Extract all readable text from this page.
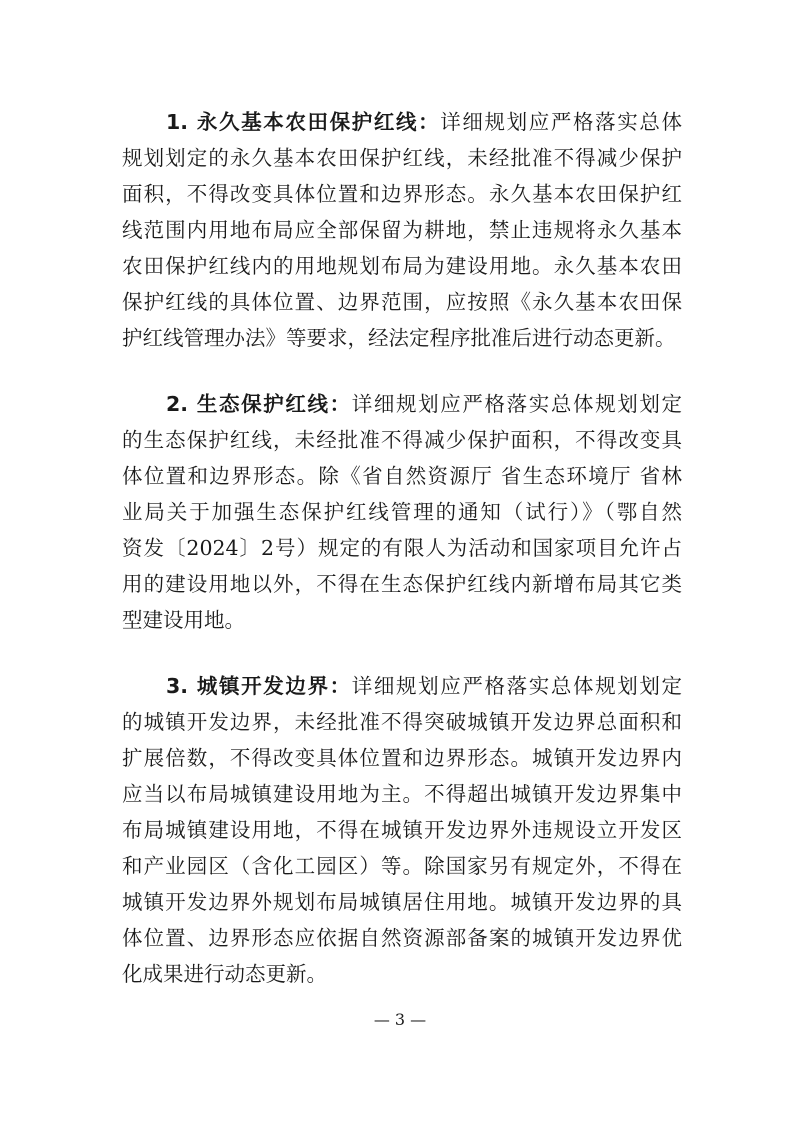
1. 永久基本农田保护红线：详细规划应严格落实总体
规划划定的永久基本农田保护红线，未经批准不得减少保护
面积，不得改变具体位置和边界形态。永久基本农田保护红
线范围内用地布局应全部保留为耕地，禁止违规将永久基本
农田保护红线内的用地规划布局为建设用地。永久基本农田
保护红线的具体位置、边界范围，应按照《永久基本农田保
护红线管理办法》等要求，经法定程序批准后进行动态更新。
2. 生态保护红线：详细规划应严格落实总体规划划定
的生态保护红线，未经批准不得减少保护面积，不得改变具
体位置和边界形态。除《省自然资源厅 省生态环境厅 省林
业局关于加强生态保护红线管理的通知（试行）》（鄂自然
资发〔2024〕2号）规定的有限人为活动和国家项目允许占
用的建设用地以外，不得在生态保护红线内新增布局其它类
型建设用地。
3. 城镇开发边界：详细规划应严格落实总体规划划定
的城镇开发边界，未经批准不得突破城镇开发边界总面积和
扩展倍数，不得改变具体位置和边界形态。城镇开发边界内
应当以布局城镇建设用地为主。不得超出城镇开发边界集中
布局城镇建设用地，不得在城镇开发边界外违规设立开发区
和产业园区（含化工园区）等。除国家另有规定外，不得在
城镇开发边界外规划布局城镇居住用地。城镇开发边界的具
体位置、边界形态应依据自然资源部备案的城镇开发边界优
化成果进行动态更新。
— 3 —
